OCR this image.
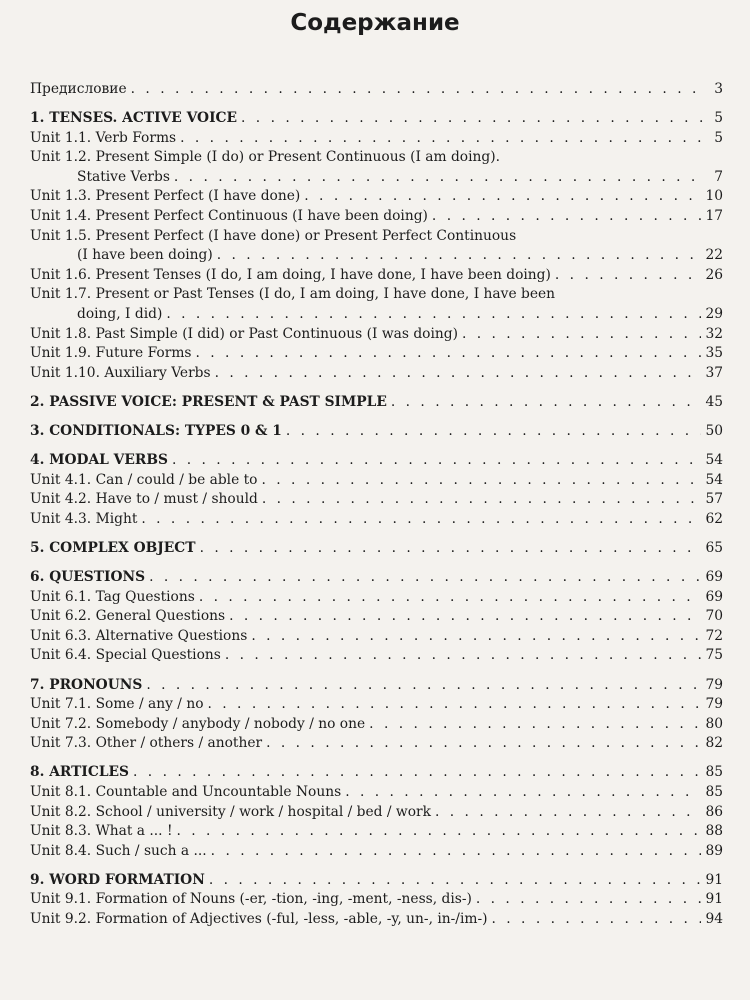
Содержание
Предисловие . . .	3
1. TENSES. ACTIVE VOICE . . .	5
Unit 1.1. Verb Forms . . .	5
Unit 1.2. Present Simple (I do) or Present Continuous (I am doing).
Stative Verbs . . .	7
Unit 1.3. Present Perfect (I have done) . . .	10
Unit 1.4. Present Perfect Continuous (I have been doing) . . .	17
Unit 1.5. Present Perfect (I have done) or Present Perfect Continuous
(I have been doing) . . .	22
Unit 1.6. Present Tenses (I do, I am doing, I have done, I have been doing) . . .	26
Unit 1.7. Present or Past Tenses (I do, I am doing, I have done, I have been
doing, I did) . . .	29
Unit 1.8. Past Simple (I did) or Past Continuous (I was doing) . . .	32
Unit 1.9. Future Forms . . .	35
Unit 1.10. Auxiliary Verbs . . .	37
2. PASSIVE VOICE: PRESENT & PAST SIMPLE . . .	45
3. CONDITIONALS: TYPES 0 & 1 . . .	50
4. MODAL VERBS . . .	54
Unit 4.1. Can / could / be able to . . .	54
Unit 4.2. Have to / must / should . . .	57
Unit 4.3. Might . . .	62
5. COMPLEX OBJECT . . .	65
6. QUESTIONS . . .	69
Unit 6.1. Tag Questions . . .	69
Unit 6.2. General Questions . . .	70
Unit 6.3. Alternative Questions . . .	72
Unit 6.4. Special Questions . . .	75
7. PRONOUNS . . .	79
Unit 7.1. Some / any / no . . .	79
Unit 7.2. Somebody / anybody / nobody / no one . . .	80
Unit 7.3. Other / others / another . . .	82
8. ARTICLES . . .	85
Unit 8.1. Countable and Uncountable Nouns . . .	85
Unit 8.2. School / university / work / hospital / bed / work . . .	86
Unit 8.3. What a ... ! . . .	88
Unit 8.4. Such / such a ... . . .	89
9. WORD FORMATION . . .	91
Unit 9.1. Formation of Nouns (-er, -tion, -ing, -ment, -ness, dis-) . . .	91
Unit 9.2. Formation of Adjectives (-ful, -less, -able, -y, un-, in-/im-) . . .	94
